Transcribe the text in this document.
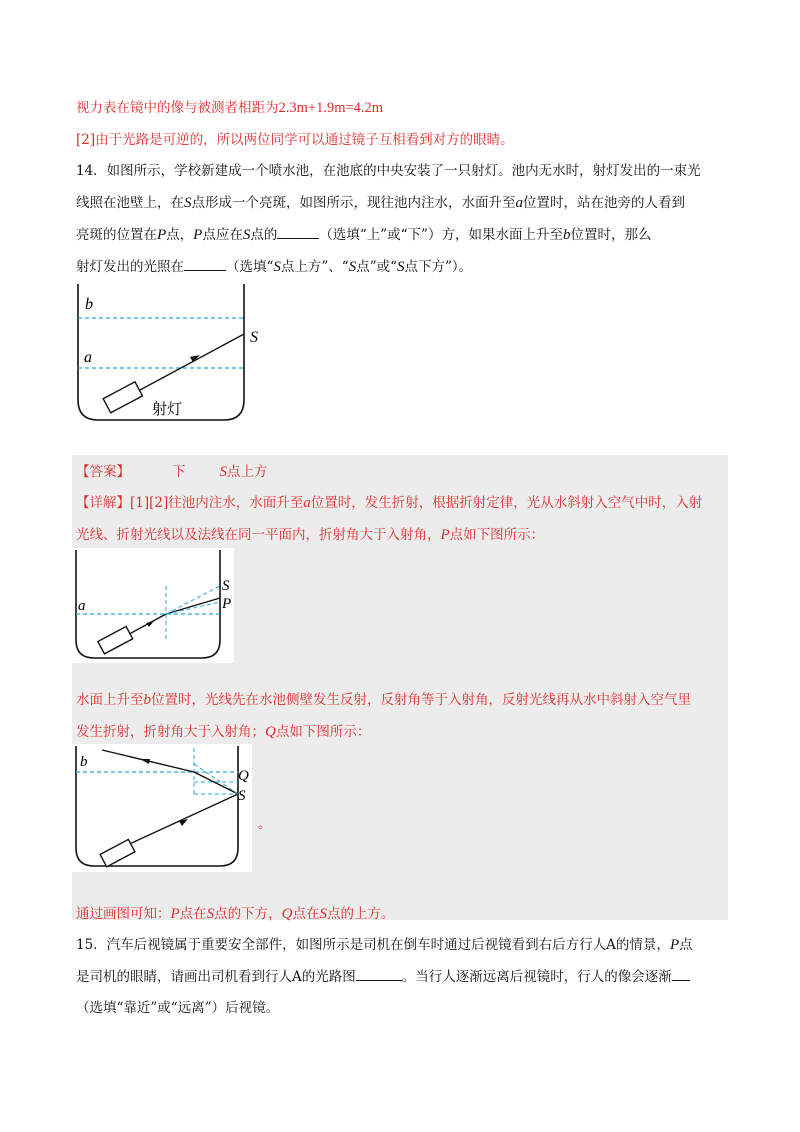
视力表在镜中的像与被测者相距为2.3m+1.9m=4.2m
[2]由于光路是可逆的，所以两位同学可以通过镜子互相看到对方的眼睛。
14．如图所示，学校新建成一个喷水池，在池底的中央安装了一只射灯。池内无水时，射灯发出的一束光
线照在池壁上，在S点形成一个亮斑，如图所示，现往池内注水，水面升至a位置时，站在池旁的人看到
亮斑的位置在P点，P点应在S点的	（选填“上”或“下”）方，如果水面上升至b位置时，那么
射灯发出的光照在	（选填“S点上方”、“S点”或“S点下方”）。
b
a
S
射灯
【答案】	下 S点上方
【详解】[1][2]往池内注水，水面升至a位置时，发生折射，根据折射定律，光从水斜射入空气中时，入射
光线、折射光线以及法线在同一平面内，折射角大于入射角，P点如下图所示：
S
a	P
水面上升至b位置时，光线先在水池侧壁发生反射，反射角等于入射角，反射光线再从水中斜射入空气里
发生折射，折射角大于入射角；Q点如下图所示：
b
Q
S
。
通过画图可知：P点在S点的下方，Q点在S点的上方。
15．汽车后视镜属于重要安全部件，如图所示是司机在倒车时通过后视镜看到右后方行人A的情景，P点
是司机的眼睛，请画出司机看到行人A的光路图	。当行人逐渐远离后视镜时，行人的像会逐渐
（选填“靠近”或“远离”）后视镜。
